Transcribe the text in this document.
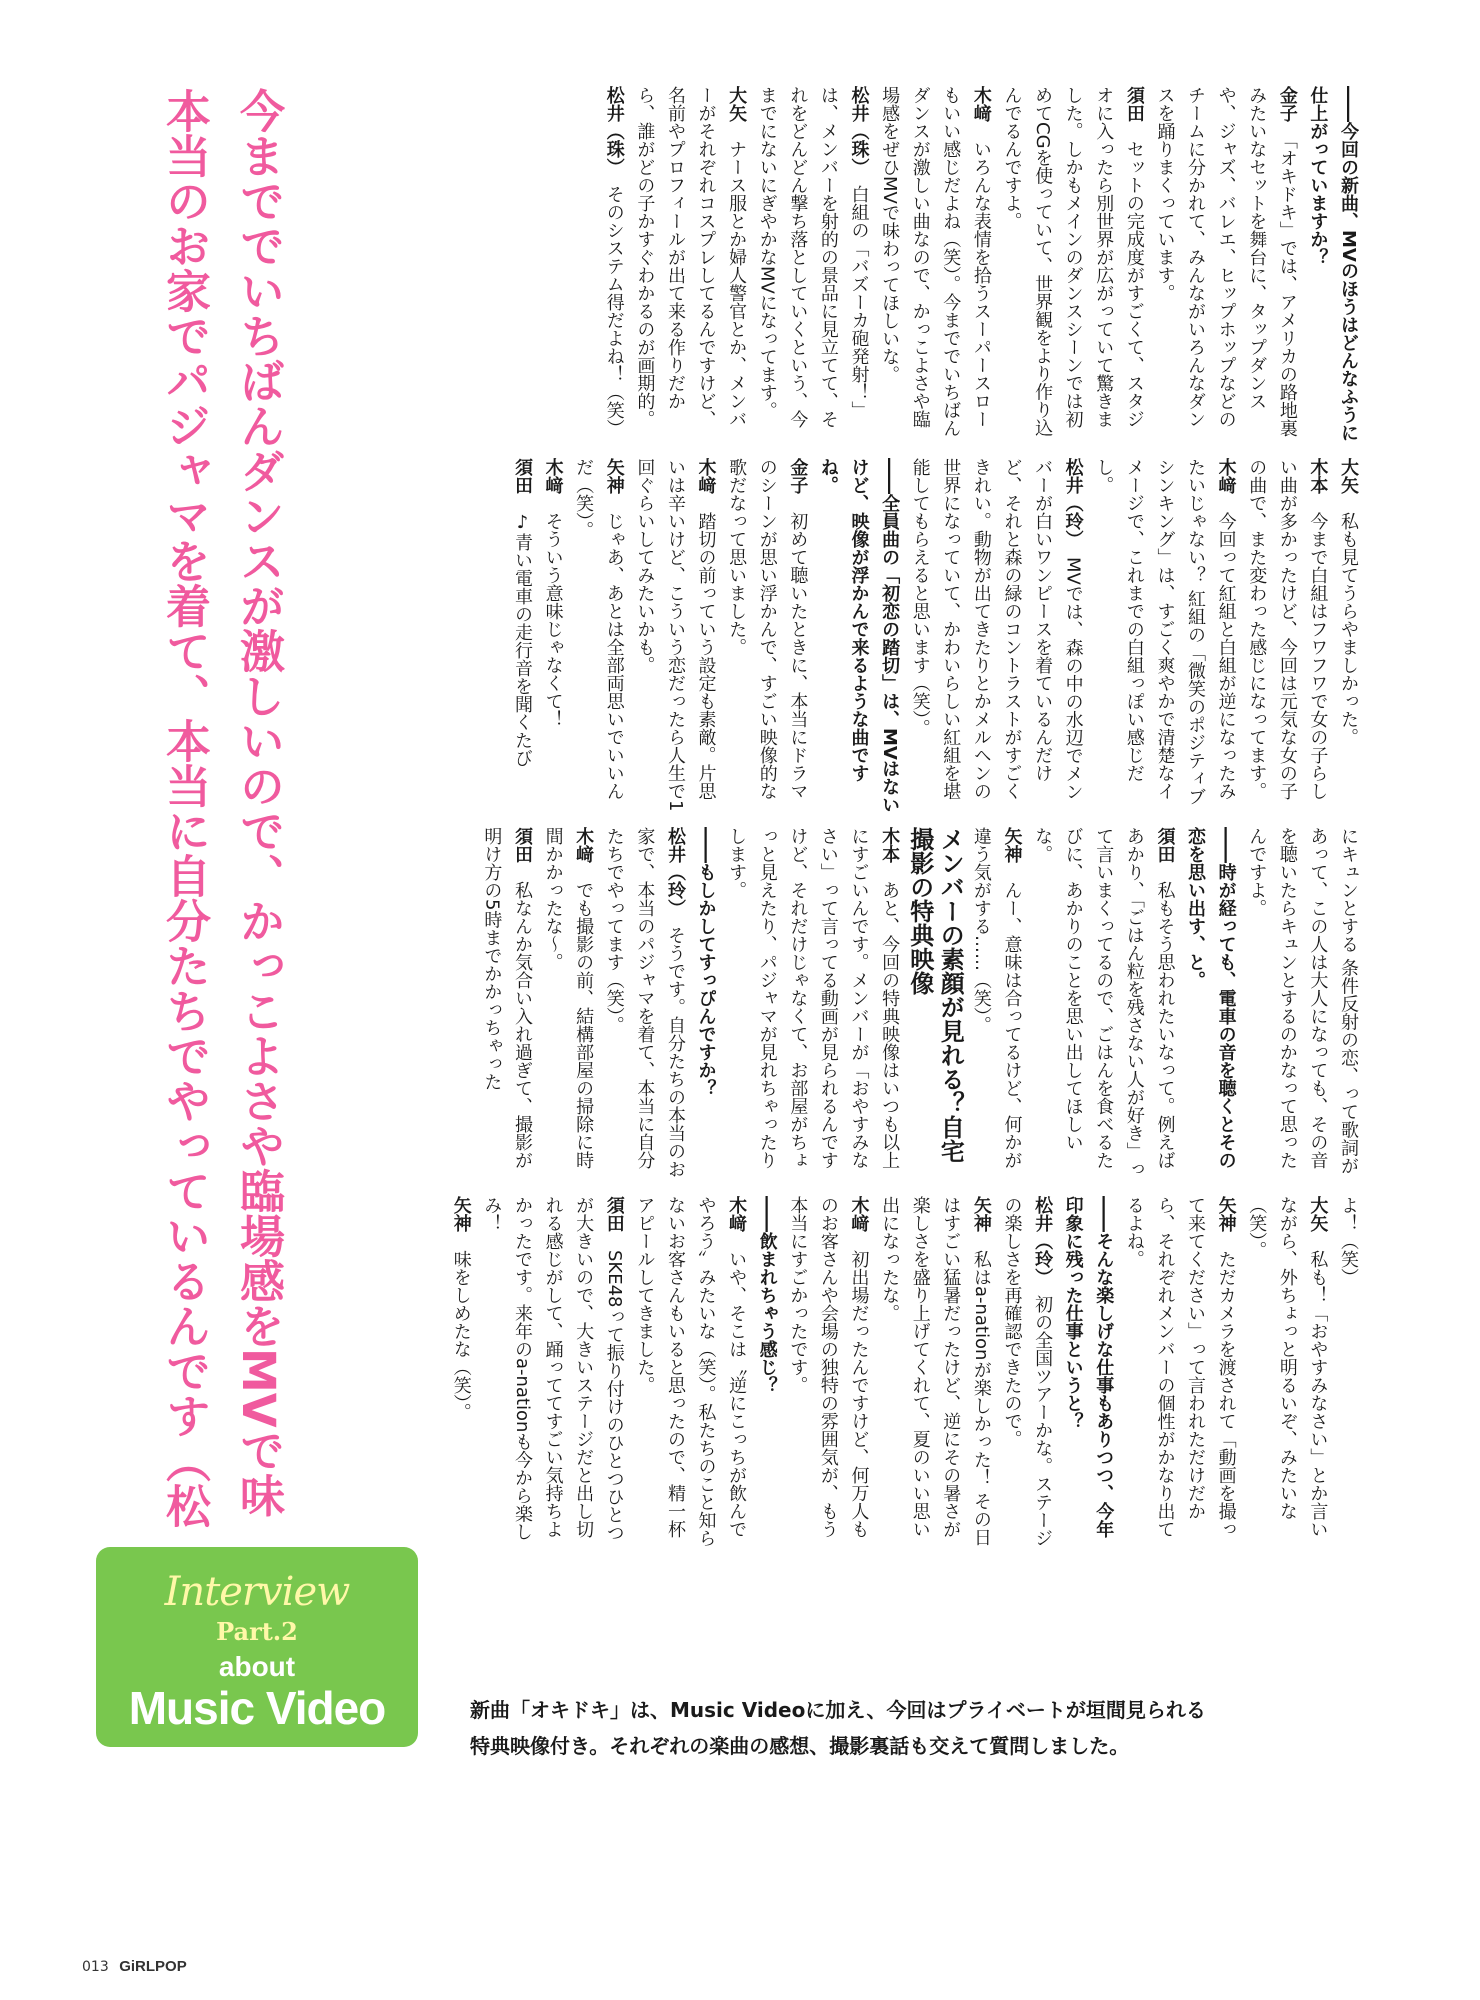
今まででいちばんダンスが激しいので、かっこよさや臨場感をMVで味
本当のお家でパジャマを着て、本当に自分たちでやっているんです（松
――今回の新曲、MVのほうはどんなふうに仕上がっていますか？
金子　「オキドキ」では、アメリカの路地裏みたいなセットを舞台に、タップダンスや、ジャズ、バレエ、ヒップホップなどのチームに分かれて、みんながいろんなダンスを踊りまくっています。
須田　セットの完成度がすごくて、スタジオに入ったら別世界が広がっていて驚きました。しかもメインのダンスシーンでは初めてCGを使っていて、世界観をより作り込んでるんですよ。
木﨑　いろんな表情を拾うスーパースローもいい感じだよね（笑）。今まででいちばんダンスが激しい曲なので、かっこよさや臨場感をぜひMVで味わってほしいな。
松井（珠）　白組の「バズーカ砲発射！」は、メンバーを射的の景品に見立てて、それをどんどん撃ち落としていくという、今までにないにぎやかなMVになってます。
大矢　ナース服とか婦人警官とか、メンバーがそれぞれコスプレしてるんですけど、名前やプロフィールが出て来る作りだから、誰がどの子かすぐわかるのが画期的。
松井（珠）　そのシステム得だよね！（笑）
大矢　私も見てうらやましかった。
木本　今まで白組はフワフワで女の子らしい曲が多かったけど、今回は元気な女の子の曲で、また変わった感じになってます。
木﨑　今回って紅組と白組が逆になったみたいじゃない？ 紅組の「微笑のポジティブシンキング」は、すごく爽やかで清楚なイメージで、これまでの白組っぽい感じだし。
松井（玲）　MVでは、森の中の水辺でメンバーが白いワンピースを着ているんだけど、それと森の緑のコントラストがすごくきれい。動物が出てきたりとかメルヘンの世界になっていて、かわいらしい紅組を堪能してもらえると思います（笑）。
――全員曲の「初恋の踏切」は、MVはないけど、映像が浮かんで来るような曲ですね。
金子　初めて聴いたときに、本当にドラマのシーンが思い浮かんで、すごい映像的な歌だなって思いました。
木﨑　踏切の前っていう設定も素敵。片思いは辛いけど、こういう恋だったら人生で1回ぐらいしてみたいかも。
矢神　じゃあ、あとは全部両思いでいいんだ（笑）。
木﨑　そういう意味じゃなくて！
須田　♪青い電車の走行音を聞くたび
にキュンとする 条件反射の恋、って歌詞があって、この人は大人になっても、その音を聴いたらキュンとするのかなって思ったんですよ。
――時が経っても、電車の音を聴くとその恋を思い出す、と。
須田　私もそう思われたいなって。例えばあかり、「ごはん粒を残さない人が好き」って言いまくってるので、ごはんを食べるたびに、あかりのことを思い出してほしいな。
矢神　んー、意味は合ってるけど、何かが違う気がする……（笑）。
メンバーの素顔が見れる？自宅撮影の特典映像
木本　あと、今回の特典映像はいつも以上にすごいんです。メンバーが「おやすみなさい」って言ってる動画が見られるんですけど、それだけじゃなくて、お部屋がちょっと見えたり、パジャマが見れちゃったりします。
――もしかしてすっぴんですか？
松井（玲）　そうです。自分たちの本当のお家で、本当のパジャマを着て、本当に自分たちでやってます（笑）。
木﨑　でも撮影の前、結構部屋の掃除に時間かかったな〜。
須田　私なんか気合い入れ過ぎて、撮影が明け方の5時までかかっちゃった
よ！（笑）
大矢　私も！「おやすみなさい」とか言いながら、外ちょっと明るいぞ、みたいな（笑）。
矢神　ただカメラを渡されて「動画を撮って来てください」って言われただけだから、それぞれメンバーの個性がかなり出てるよね。
――そんな楽しげな仕事もありつつ、今年印象に残った仕事というと？
松井（玲）　初の全国ツアーかな。ステージの楽しさを再確認できたので。
矢神　私はa-nationが楽しかった！ その日はすごい猛暑だったけど、逆にその暑さが楽しさを盛り上げてくれて、夏のいい思い出になったな。
木﨑　初出場だったんですけど、何万人ものお客さんや会場の独特の雰囲気が、もう本当にすごかったです。
――飲まれちゃう感じ？
木﨑　いや、そこは〝逆にこっちが飲んでやろう〟みたいな（笑）。私たちのこと知らないお客さんもいると思ったので、精一杯アピールしてきました。
須田　SKE48って振り付けのひとつひとつが大きいので、大きいステージだと出し切れる感じがして、踊っててすごい気持ちよかったです。来年のa-nationも今から楽しみ！
矢神　味をしめたな（笑）。
Interview
Part.2
about
Music Video	新曲「オキドキ」は、Music Videoに加え、今回はプライベートが垣間見られる

特典映像付き。それぞれの楽曲の感想、撮影裏話も交えて質問しました。

013 GiRLPOP
